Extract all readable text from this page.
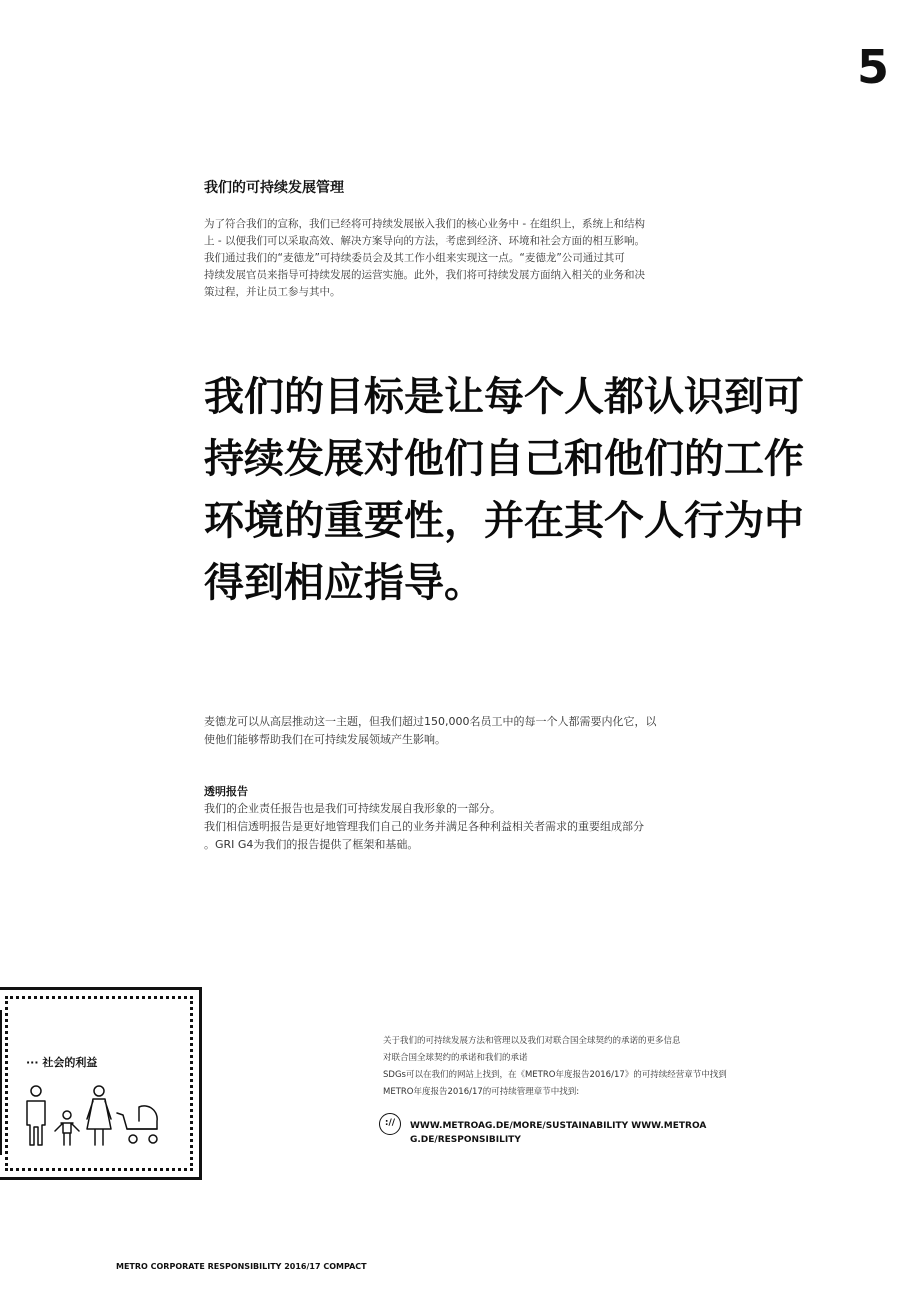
5
我们的可持续发展管理

为了符合我们的宣称，我们已经将可持续发展嵌入我们的核心业务中 - 在组织上，系统上和结构

上 - 以便我们可以采取高效、解决方案导向的方法，考虑到经济、环境和社会方面的相互影响。

我们通过我们的“麦德龙”可持续委员会及其工作小组来实现这一点。“麦德龙”公司通过其可

持续发展官员来指导可持续发展的运营实施。此外，我们将可持续发展方面纳入相关的业务和决

策过程，并让员工参与其中。

我们的目标是让每个人都认识到可

持续发展对他们自己和他们的工作

环境的重要性，并在其个人行为中

得到相应指导。

麦德龙可以从高层推动这一主题，但我们超过150,000名员工中的每一个人都需要内化它，以

使他们能够帮助我们在可持续发展领域产生影响。

透明报告

我们的企业责任报告也是我们可持续发展自我形象的一部分。

我们相信透明报告是更好地管理我们自己的业务并满足各种利益相关者需求的重要组成部分

。GRI G4为我们的报告提供了框架和基础。

··· 社会的利益

关于我们的可持续发展方法和管理以及我们对联合国全球契约的承诺的更多信息

对联合国全球契约的承诺和我们的承诺

SDGs可以在我们的网站上找到，在《METRO年度报告2016/17》的可持续经营章节中找到

METRO年度报告2016/17的可持续管理章节中找到:

://	WWW.METROAG.DE/MORE/SUSTAINABILITY WWW.METROA

G.DE/RESPONSIBILITY

METRO CORPORATE RESPONSIBILITY 2016/17 COMPACT
